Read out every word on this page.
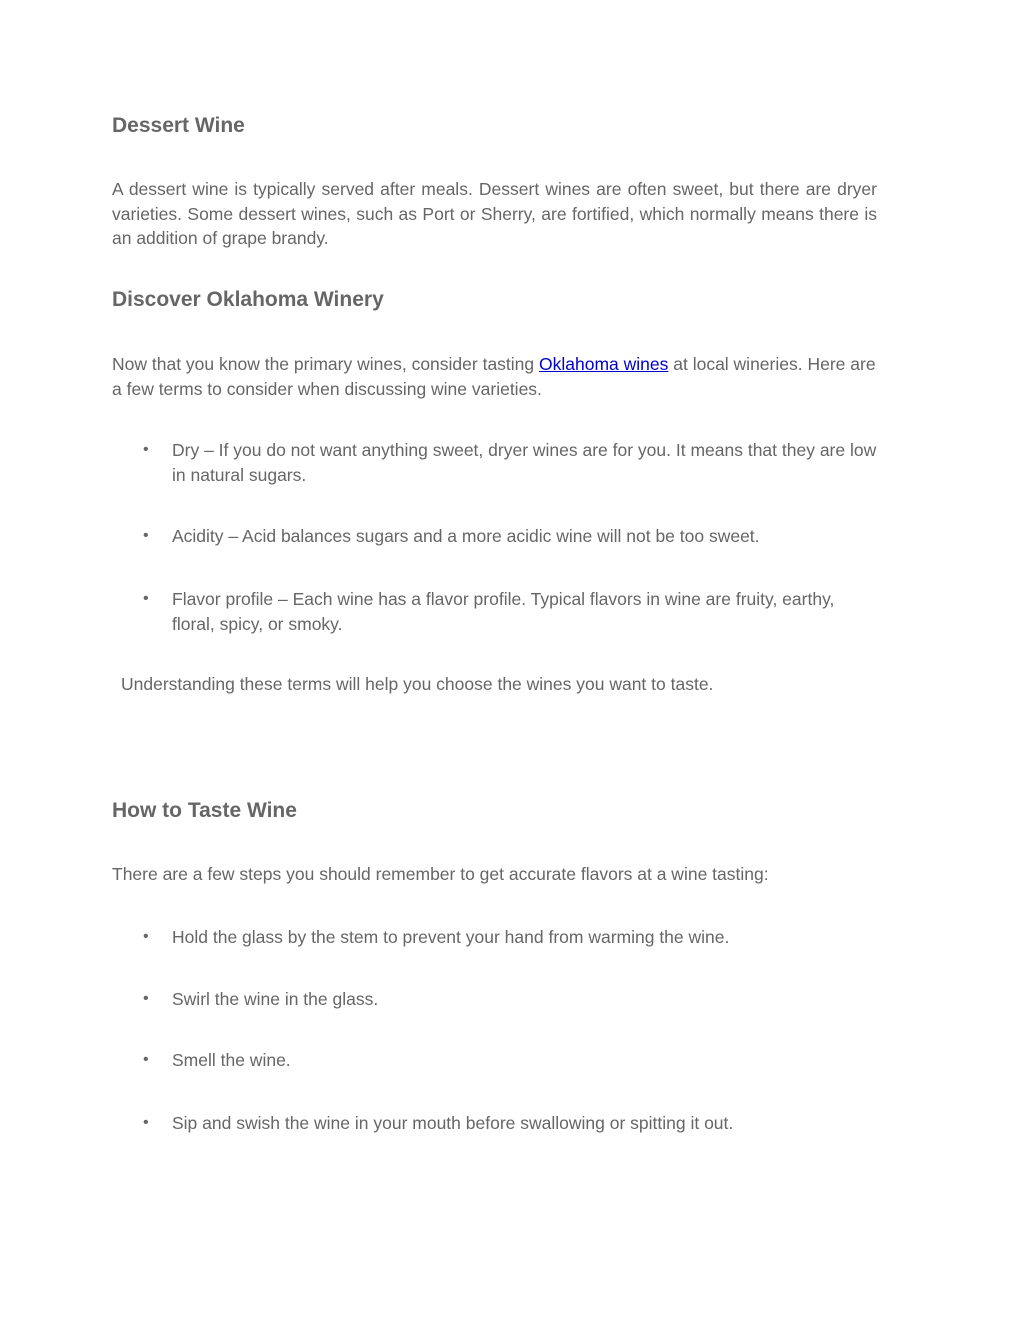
Dessert Wine

A dessert wine is typically served after meals. Dessert wines are often sweet, but there are dryer varieties. Some dessert wines, such as Port or Sherry, are fortified, which normally means there is an addition of grape brandy.

Discover Oklahoma Winery

Now that you know the primary wines, consider tasting Oklahoma wines at local wineries. Here are a few terms to consider when discussing wine varieties.

• Dry – If you do not want anything sweet, dryer wines are for you. It means that they are low in natural sugars.

• Acidity – Acid balances sugars and a more acidic wine will not be too sweet.

• Flavor profile – Each wine has a flavor profile. Typical flavors in wine are fruity, earthy, floral, spicy, or smoky.

Understanding these terms will help you choose the wines you want to taste.

How to Taste Wine

There are a few steps you should remember to get accurate flavors at a wine tasting:

• Hold the glass by the stem to prevent your hand from warming the wine.

• Swirl the wine in the glass.

• Smell the wine.

• Sip and swish the wine in your mouth before swallowing or spitting it out.
